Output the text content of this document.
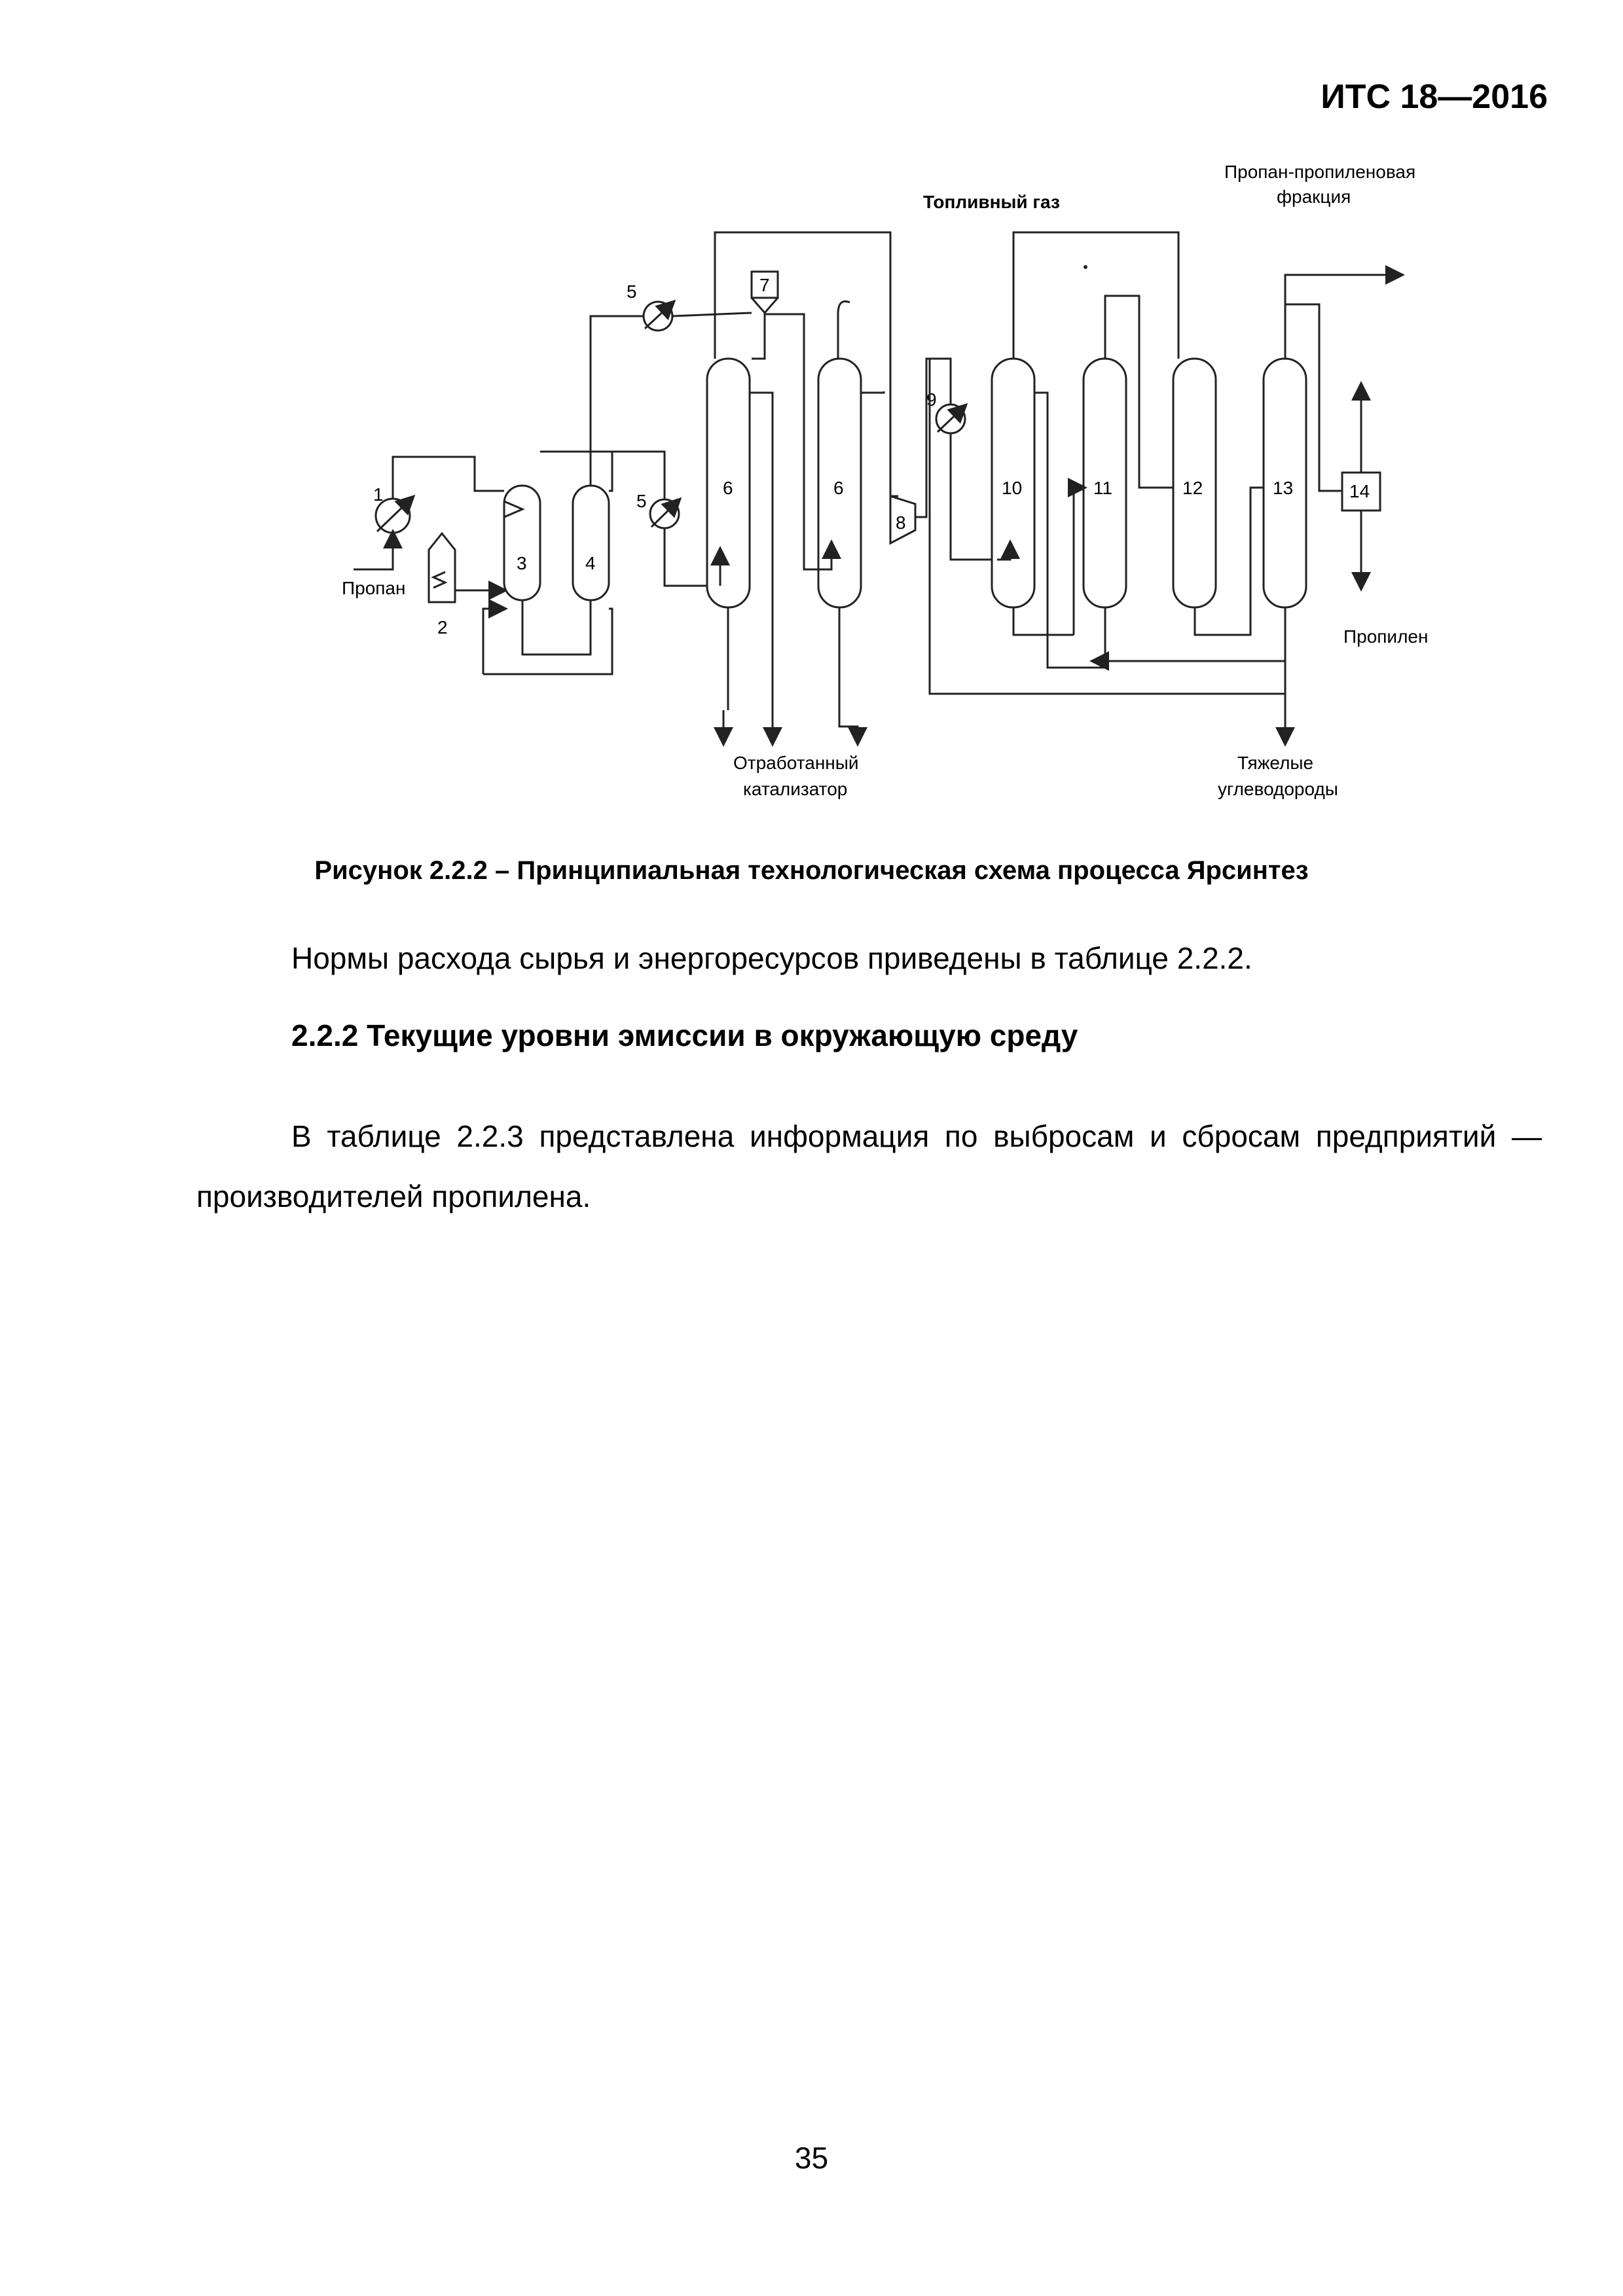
ИТС 18—2016
1
Пропан
2
3	4
5	7
5
6	6
8
9
10	11	12	13	14
Топливный газ
Пропан-пропиленовая
фракция
Пропилен
Отработанный
катализатор
Тяжелые
углеводороды
Рисунок 2.2.2 – Принципиальная технологическая схема процесса Ярсинтез
Нормы расхода сырья и энергоресурсов приведены в таблице 2.2.2.
2.2.2 Текущие уровни эмиссии в окружающую среду
В таблице 2.2.3 представлена информация по выбросам и сбросам предприятий — производителей пропилена.
35
